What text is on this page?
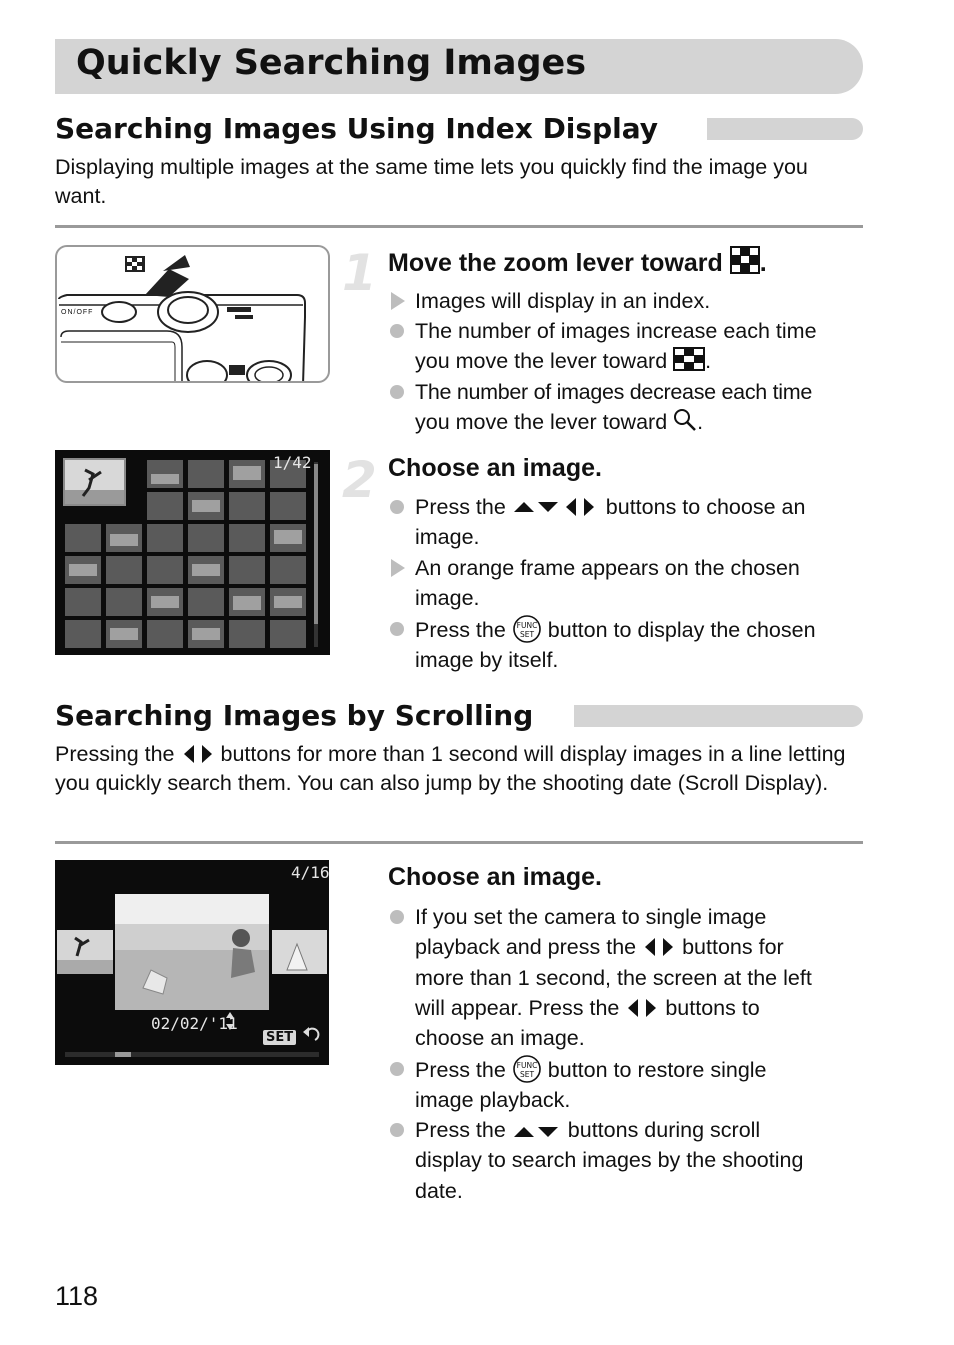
Quickly Searching Images
Searching Images Using Index Display
Displaying multiple images at the same time lets you quickly find the image you want.
ON/OFF
1 Move the zoom lever toward .
Images will display in an index.
The number of images increase each time
you move the lever toward .
The number of images decrease each time
you move the lever toward .
1/42 2 Choose an image.
Press the	buttons to choose an
image.
An orange frame appears on the chosen
image.
Press the FUNC
SET button to display the chosen
image by itself.
Searching Images by Scrolling
Pressing the buttons for more than 1 second will display images in a line letting you quickly search them. You can also jump by the shooting date (Scroll Display).
4/16
02/02/'11
SET
Choose an image.
If you set the camera to single image
playback and press the buttons for
more than 1 second, the screen at the left
will appear. Press the buttons to
choose an image.
Press the FUNC
SET button to restore single
image playback.
Press the	buttons during scroll
display to search images by the shooting
date.
118
